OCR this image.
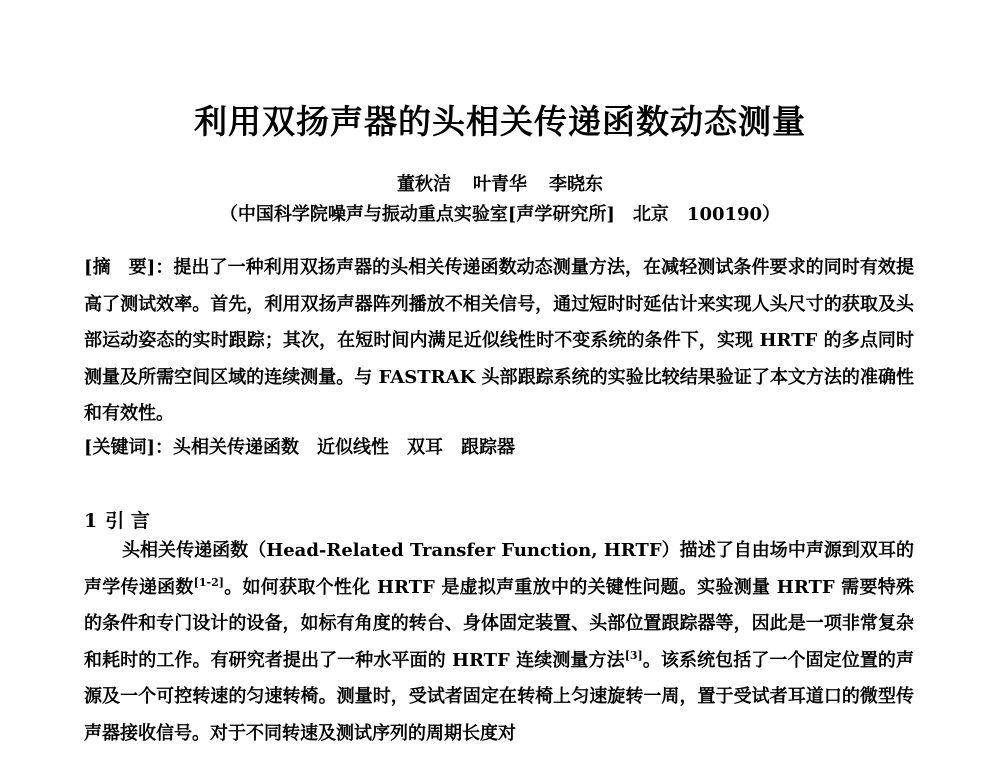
利用双扬声器的头相关传递函数动态测量
董秋洁 叶青华 李晓东
（中国科学院噪声与振动重点实验室[声学研究所]　北京　100190）

[摘　要]：提出了一种利用双扬声器的头相关传递函数动态测量方法，在减轻测试条件要求的同时有效提高了测试效率。首先，利用双扬声器阵列播放不相关信号，通过短时时延估计来实现人头尺寸的获取及头部运动姿态的实时跟踪；其次，在短时间内满足近似线性时不变系统的条件下，实现 HRTF 的多点同时测量及所需空间区域的连续测量。与 FASTRAK 头部跟踪系统的实验比较结果验证了本文方法的准确性和有效性。

[关键词]：头相关传递函数 近似线性 双耳 跟踪器
1 引 言

头相关传递函数（Head-Related Transfer Function, HRTF）描述了自由场中声源到双耳的声学传递函数[1-2]。如何获取个性化 HRTF 是虚拟声重放中的关键性问题。实验测量 HRTF 需要特殊的条件和专门设计的设备，如标有角度的转台、身体固定装置、头部位置跟踪器等，因此是一项非常复杂和耗时的工作。有研究者提出了一种水平面的 HRTF 连续测量方法[3]。该系统包括了一个固定位置的声源及一个可控转速的匀速转椅。测量时，受试者固定在转椅上匀速旋转一周，置于受试者耳道口的微型传声器接收信号。对于不同转速及测试序列的周期长度对
